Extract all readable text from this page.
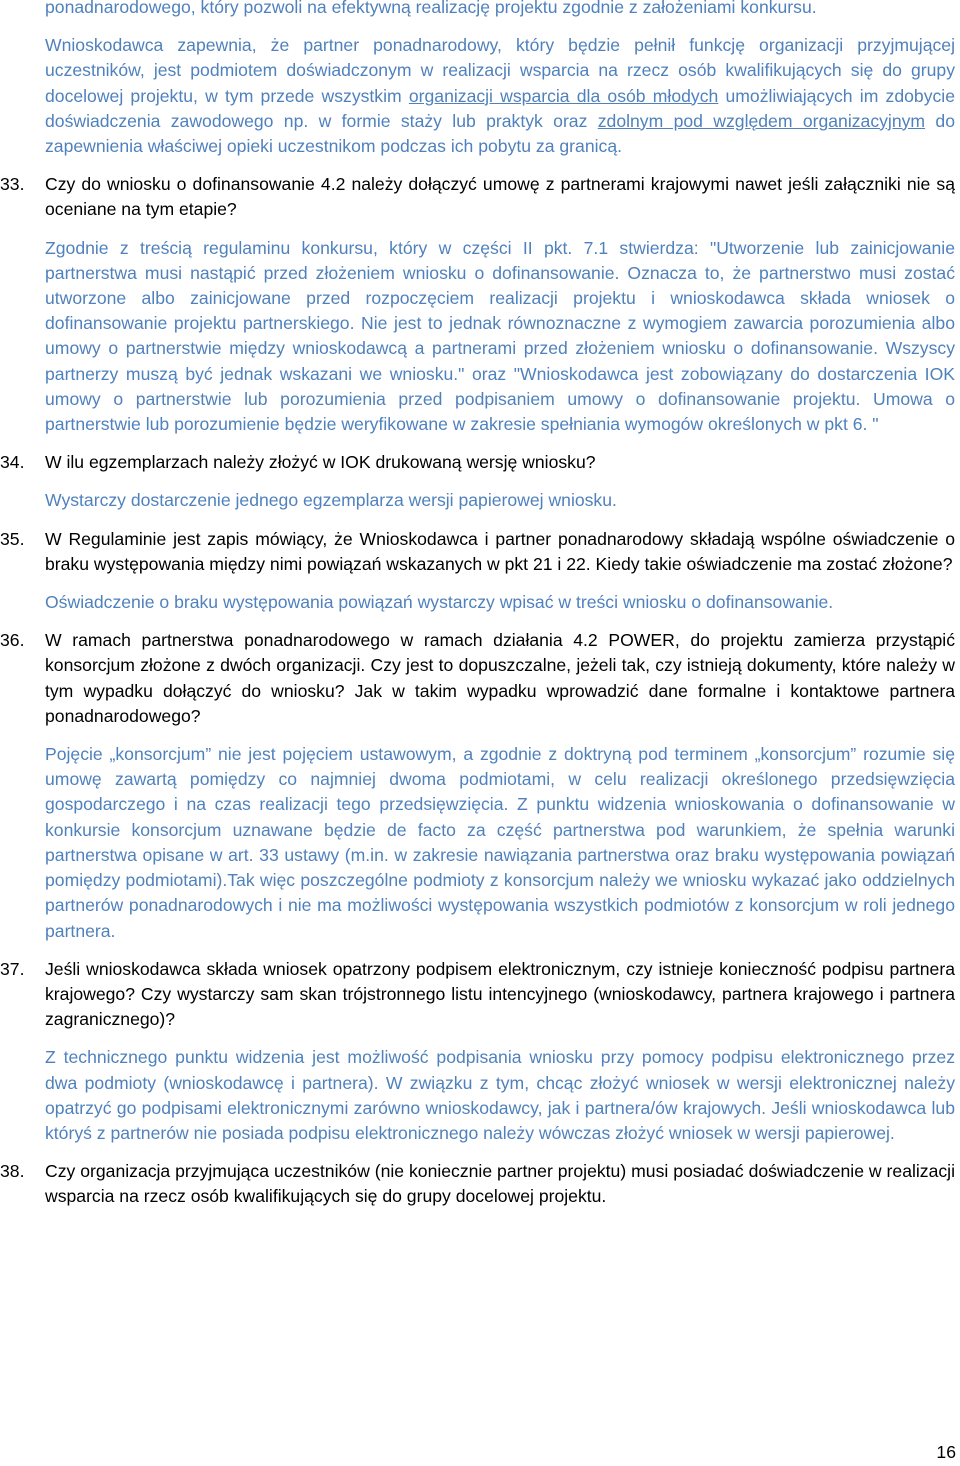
ponadnarodowego, który pozwoli na efektywną realizację projektu zgodnie z założeniami konkursu.

Wnioskodawca zapewnia, że partner ponadnarodowy, który będzie pełnił funkcję organizacji przyjmującej uczestników, jest podmiotem doświadczonym w realizacji wsparcia na rzecz osób kwalifikujących się do grupy docelowej projektu, w tym przede wszystkim organizacji wsparcia dla osób młodych umożliwiających im zdobycie doświadczenia zawodowego np. w formie staży lub praktyk oraz zdolnym pod względem organizacyjnym do zapewnienia właściwej opieki uczestnikom podczas ich pobytu za granicą.

33.	Czy do wniosku o dofinansowanie 4.2 należy dołączyć umowę z partnerami krajowymi nawet jeśli załączniki nie są oceniane na tym etapie?

Zgodnie z treścią regulaminu konkursu, który w części II pkt. 7.1 stwierdza: "Utworzenie lub zainicjowanie partnerstwa musi nastąpić przed złożeniem wniosku o dofinansowanie. Oznacza to, że partnerstwo musi zostać utworzone albo zainicjowane przed rozpoczęciem realizacji projektu i wnioskodawca składa wniosek o dofinansowanie projektu partnerskiego. Nie jest to jednak równoznaczne z wymogiem zawarcia porozumienia albo umowy o partnerstwie między wnioskodawcą a partnerami przed złożeniem wniosku o dofinansowanie. Wszyscy partnerzy muszą być jednak wskazani we wniosku." oraz "Wnioskodawca jest zobowiązany do dostarczenia IOK umowy o partnerstwie lub porozumienia przed podpisaniem umowy o dofinansowanie projektu. Umowa o partnerstwie lub porozumienie będzie weryfikowane w zakresie spełniania wymogów określonych w pkt 6. "

34.	W ilu egzemplarzach należy złożyć w IOK drukowaną wersję wniosku?

Wystarczy dostarczenie jednego egzemplarza wersji papierowej wniosku.

35.	W Regulaminie jest zapis mówiący, że Wnioskodawca i partner ponadnarodowy składają wspólne oświadczenie o braku występowania między nimi powiązań wskazanych w pkt 21 i 22. Kiedy takie oświadczenie ma zostać złożone?

Oświadczenie o braku występowania powiązań wystarczy wpisać w treści wniosku o dofinansowanie.

36.	W ramach partnerstwa ponadnarodowego w ramach działania 4.2 POWER, do projektu zamierza przystąpić konsorcjum złożone z dwóch organizacji. Czy jest to dopuszczalne, jeżeli tak, czy istnieją dokumenty, które należy w tym wypadku dołączyć do wniosku? Jak w takim wypadku wprowadzić dane formalne i kontaktowe partnera ponadnarodowego?

Pojęcie „konsorcjum” nie jest pojęciem ustawowym, a zgodnie z doktryną pod terminem „konsorcjum” rozumie się umowę zawartą pomiędzy co najmniej dwoma podmiotami, w celu realizacji określonego przedsięwzięcia gospodarczego i na czas realizacji tego przedsięwzięcia. Z punktu widzenia wnioskowania o dofinansowanie w konkursie konsorcjum uznawane będzie de facto za część partnerstwa pod warunkiem, że spełnia warunki partnerstwa opisane w art. 33 ustawy (m.in. w zakresie nawiązania partnerstwa oraz braku występowania powiązań pomiędzy podmiotami).Tak więc poszczególne podmioty z konsorcjum należy we wniosku wykazać jako oddzielnych partnerów ponadnarodowych i nie ma możliwości występowania wszystkich podmiotów z konsorcjum w roli jednego partnera.

37.	Jeśli wnioskodawca składa wniosek opatrzony podpisem elektronicznym, czy istnieje konieczność podpisu partnera krajowego? Czy wystarczy sam skan trójstronnego listu intencyjnego (wnioskodawcy, partnera krajowego i partnera zagranicznego)?

Z technicznego punktu widzenia jest możliwość podpisania wniosku przy pomocy podpisu elektronicznego przez dwa podmioty (wnioskodawcę i partnera). W związku z tym, chcąc złożyć wniosek w wersji elektronicznej należy opatrzyć go podpisami elektronicznymi zarówno wnioskodawcy, jak i partnera/ów krajowych. Jeśli wnioskodawca lub któryś z partnerów nie posiada podpisu elektronicznego należy wówczas złożyć wniosek w wersji papierowej.

38.	Czy organizacja przyjmująca uczestników (nie koniecznie partner projektu) musi posiadać doświadczenie w realizacji wsparcia na rzecz osób kwalifikujących się do grupy docelowej projektu.

16
